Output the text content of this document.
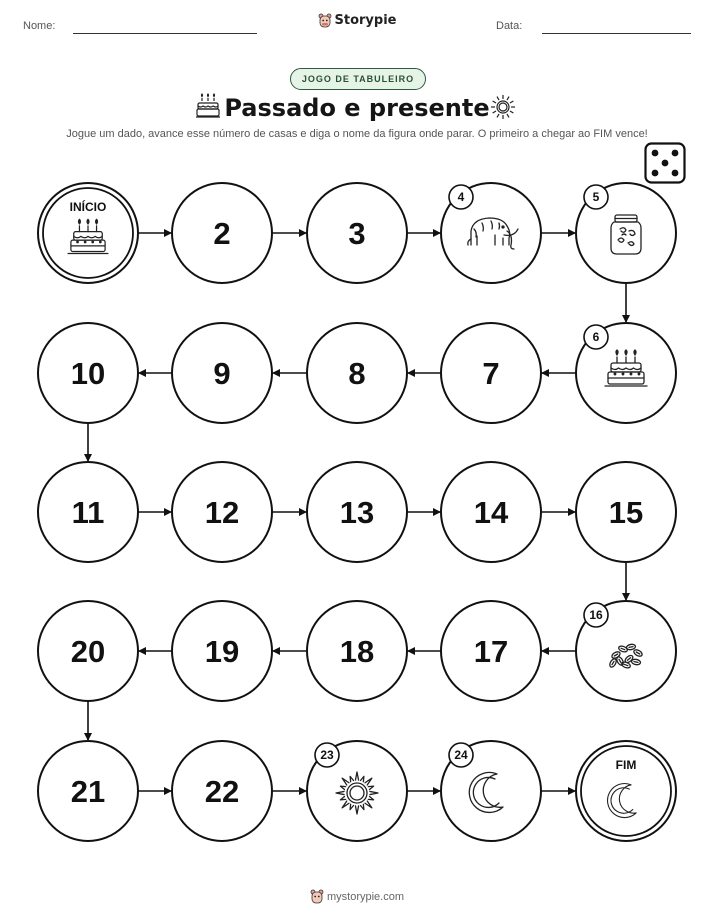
Nome:	Storypie	Data:
JOGO DE TABULEIRO
Passado e presente
Jogue um dado, avance esse número de casas e diga o nome da figura onde parar. O primeiro a chegar ao FIM vence!
INÍCIO
2	3
4	5
6
7
8
9
10
11	12	13	14	15
16
17
18
19
20
21	22
23	24
FIM
mystorypie.com
